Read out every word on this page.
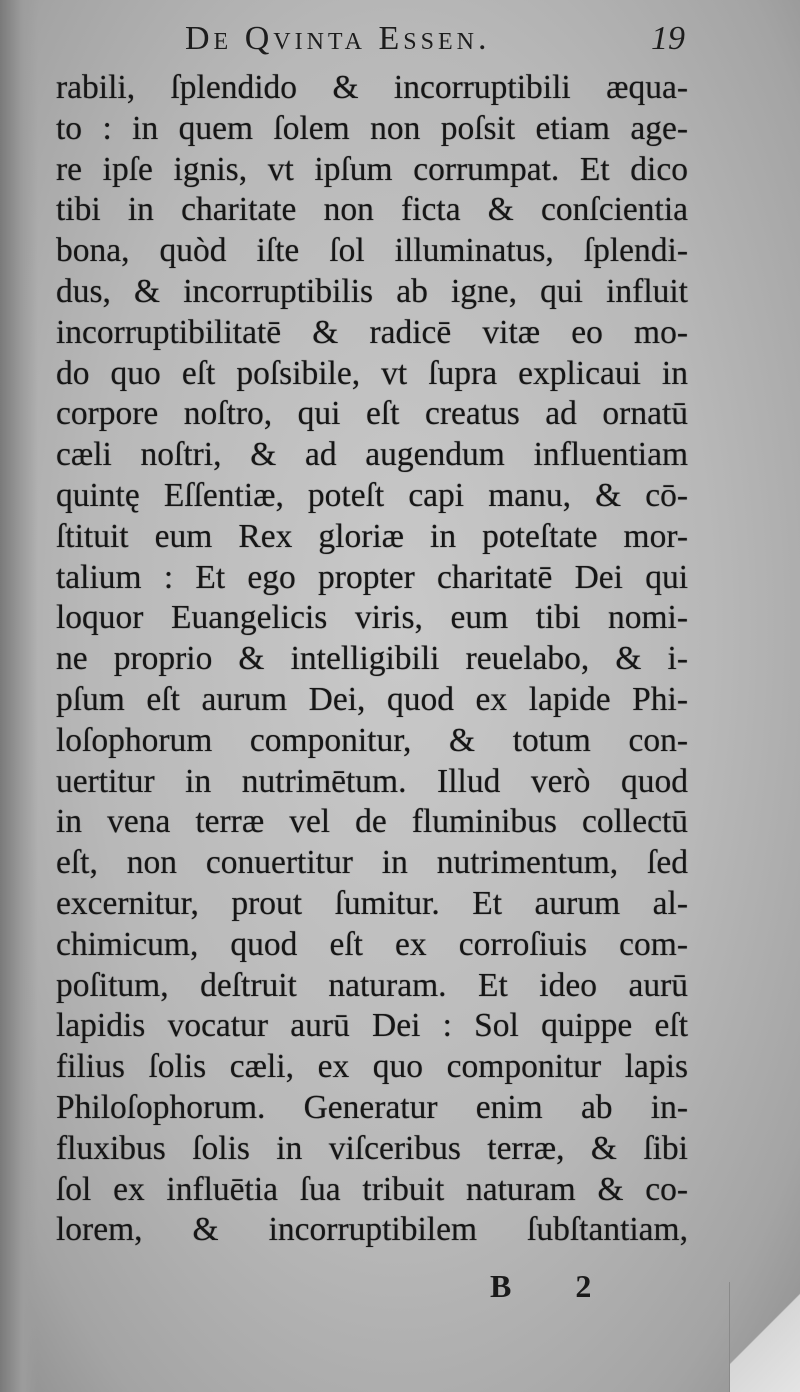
De Qvinta Essen.	19
rabili, ſplendido & incorruptibili æqua-
to : in quem ſolem non poſsit etiam age-
re ipſe ignis, vt ipſum corrumpat. Et dico
tibi in charitate non ficta & conſcientia
bona, quòd iſte ſol illuminatus, ſplendi-
dus, & incorruptibilis ab igne, qui influit
incorruptibilitatē & radicē vitæ eo mo-
do quo eſt poſsibile, vt ſupra explicaui in
corpore noſtro, qui eſt creatus ad ornatū
cæli noſtri, & ad augendum influentiam
quintę Eſſentiæ, poteſt capi manu, & cō-
ſtituit eum Rex gloriæ in poteſtate mor-
talium : Et ego propter charitatē Dei qui
loquor Euangelicis viris, eum tibi nomi-
ne proprio & intelligibili reuelabo, & i-
pſum eſt aurum Dei, quod ex lapide Phi-
loſophorum componitur, & totum con-
uertitur in nutrimētum. Illud verò quod
in vena terræ vel de fluminibus collectū
eſt, non conuertitur in nutrimentum, ſed
excernitur, prout ſumitur. Et aurum al-
chimicum, quod eſt ex corroſiuis com-
poſitum, deſtruit naturam. Et ideo aurū
lapidis vocatur aurū Dei : Sol quippe eſt
filius ſolis cæli, ex quo componitur lapis
Philoſophorum. Generatur enim ab in-
fluxibus ſolis in viſceribus terræ, & ſibi
ſol ex influētia ſua tribuit naturam & co-
lorem, & incorruptibilem ſubſtantiam,
B 2
